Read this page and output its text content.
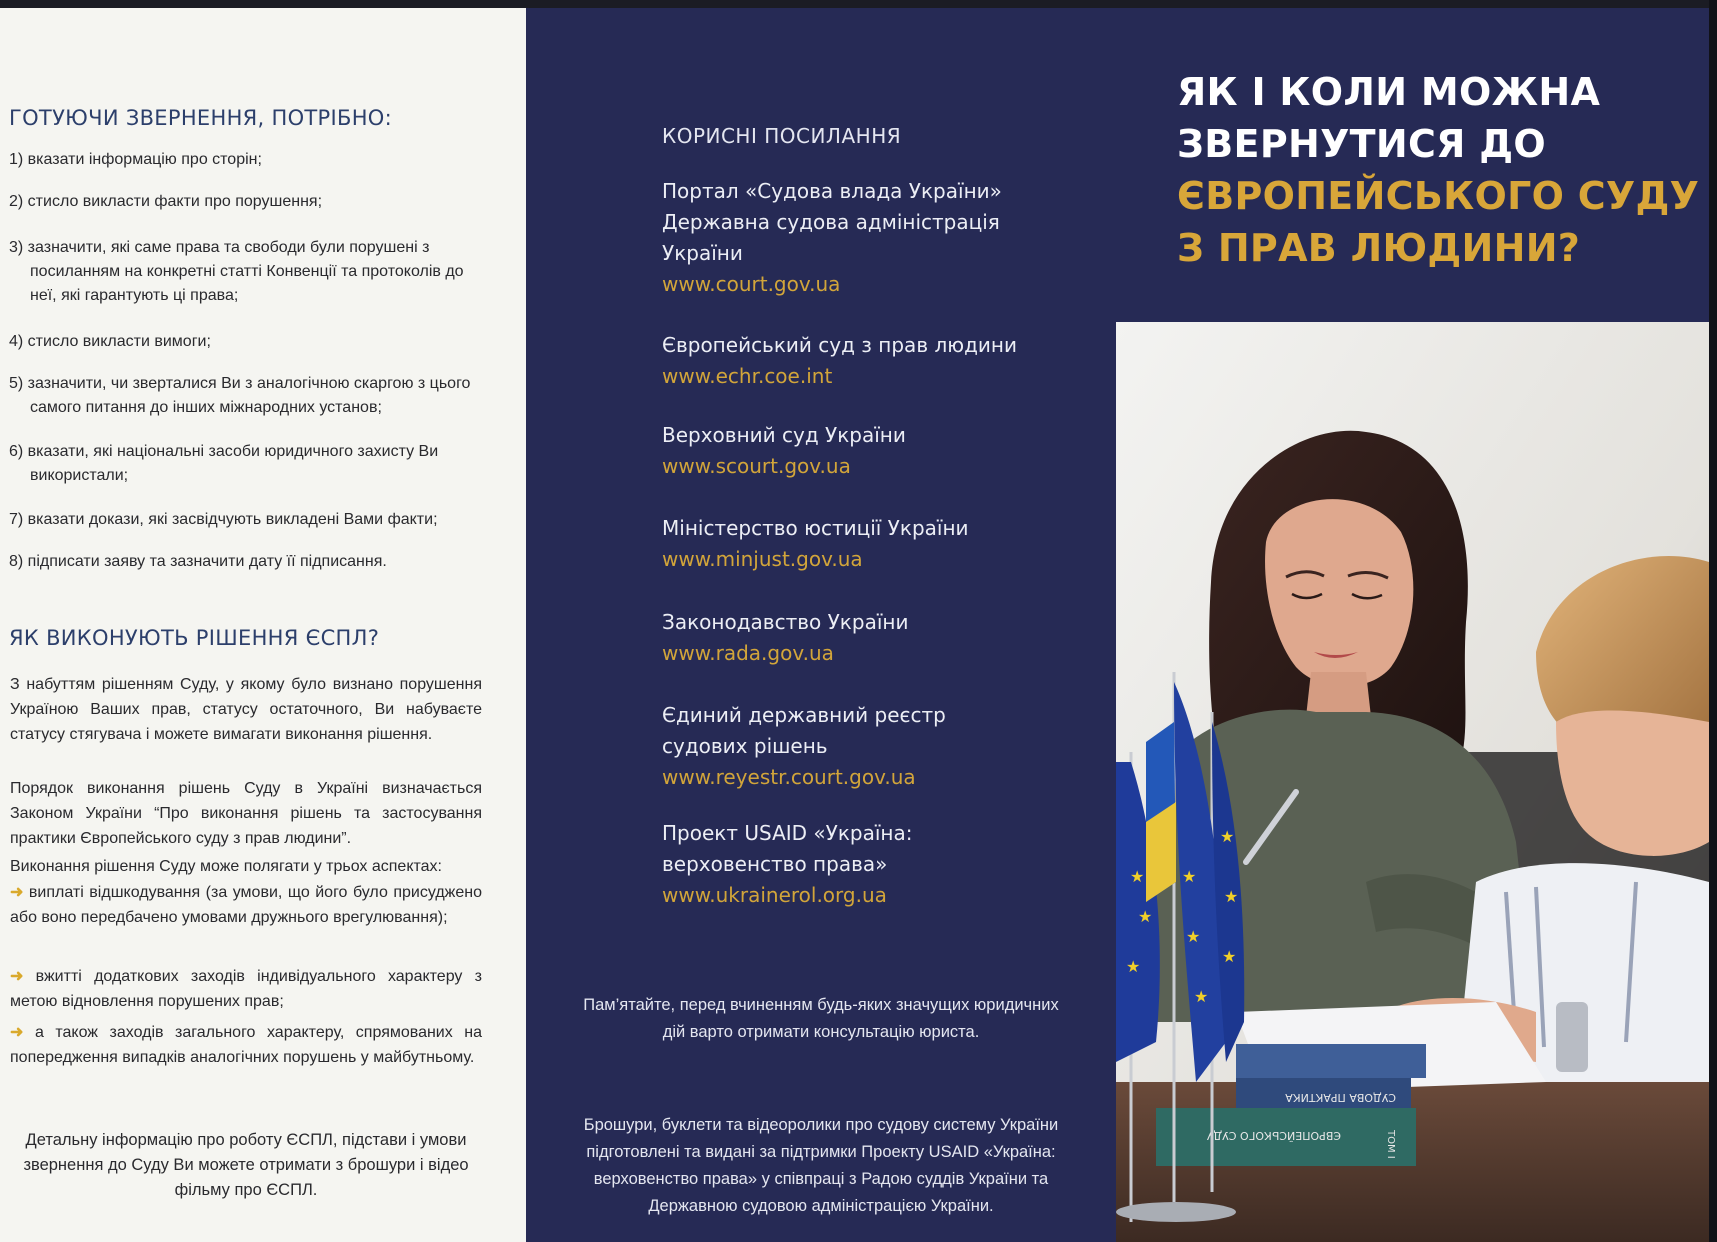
ГОТУЮЧИ ЗВЕРНЕННЯ, ПОТРІБНО:
1) вказати інформацію про сторін;
2) стисло викласти факти про порушення;
3) зазначити, які саме права та свободи були порушені з посиланням на конкретні статті Конвенції та протоколів до неї, які гарантують ці права;
4) стисло викласти вимоги;
5) зазначити, чи зверталися Ви з аналогічною скаргою з цього самого питання до інших міжнародних установ;
6) вказати, які національні засоби юридичного захисту Ви використали;
7) вказати докази, які засвідчують викладені Вами факти;
8) підписати заяву та зазначити дату її підписання.
ЯК ВИКОНУЮТЬ РІШЕННЯ ЄСПЛ?
З набуттям рішенням Суду, у якому було визнано порушення Україною Ваших прав, статусу остаточного, Ви набуваєте статусу стягувача і можете вимагати виконання рішення.
Порядок виконання рішень Суду в Україні визначається Законом України “Про виконання рішень та застосування практики Європейського суду з прав людини”.
Виконання рішення Суду може полягати у трьох аспектах:
➜ виплаті відшкодування (за умови, що його було присуджено або воно передбачено умовами дружнього врегулювання);
➜ вжитті додаткових заходів індивідуального характеру з метою відновлення порушених прав;
➜ а також заходів загального характеру, спрямованих на попередження випадків аналогічних порушень у майбутньому.
Детальну інформацію про роботу ЄСПЛ, підстави і умови звернення до Суду Ви можете отримати з брошури і відео фільму про ЄСПЛ.
КОРИСНІ ПОСИЛАННЯ
Портал «Судова влада України»
Державна судова адміністрація
України
www.court.gov.ua
Європейський суд з прав людини
www.echr.coe.int
Верховний суд України
www.scourt.gov.ua
Міністерство юстиції України
www.minjust.gov.ua
Законодавство України
www.rada.gov.ua
Єдиний державний реєстр
судових рішень
www.reyestr.court.gov.ua
Проект USAID «Україна:
верховенство права»
www.ukrainerol.org.ua
Пам’ятайте, перед вчиненням будь-яких значущих юридичних дій варто отримати консультацію юриста.
Брошури, буклети та відеоролики про судову систему України підготовлені та видані за підтримки Проекту USAID «Україна: верховенство права» у співпраці з Радою суддів України та Державною судовою адміністрацією України.
ЯК І КОЛИ МОЖНА
ЗВЕРНУТИСЯ ДО
ЄВРОПЕЙСЬКОГО СУДУ
З ПРАВ ЛЮДИНИ?
СУДОВА ПРАКТИКА
ЄВРОПЕЙСЬКОГО СУДУ	ТОМ І
★
★
★
★
★
★
★
★
★
